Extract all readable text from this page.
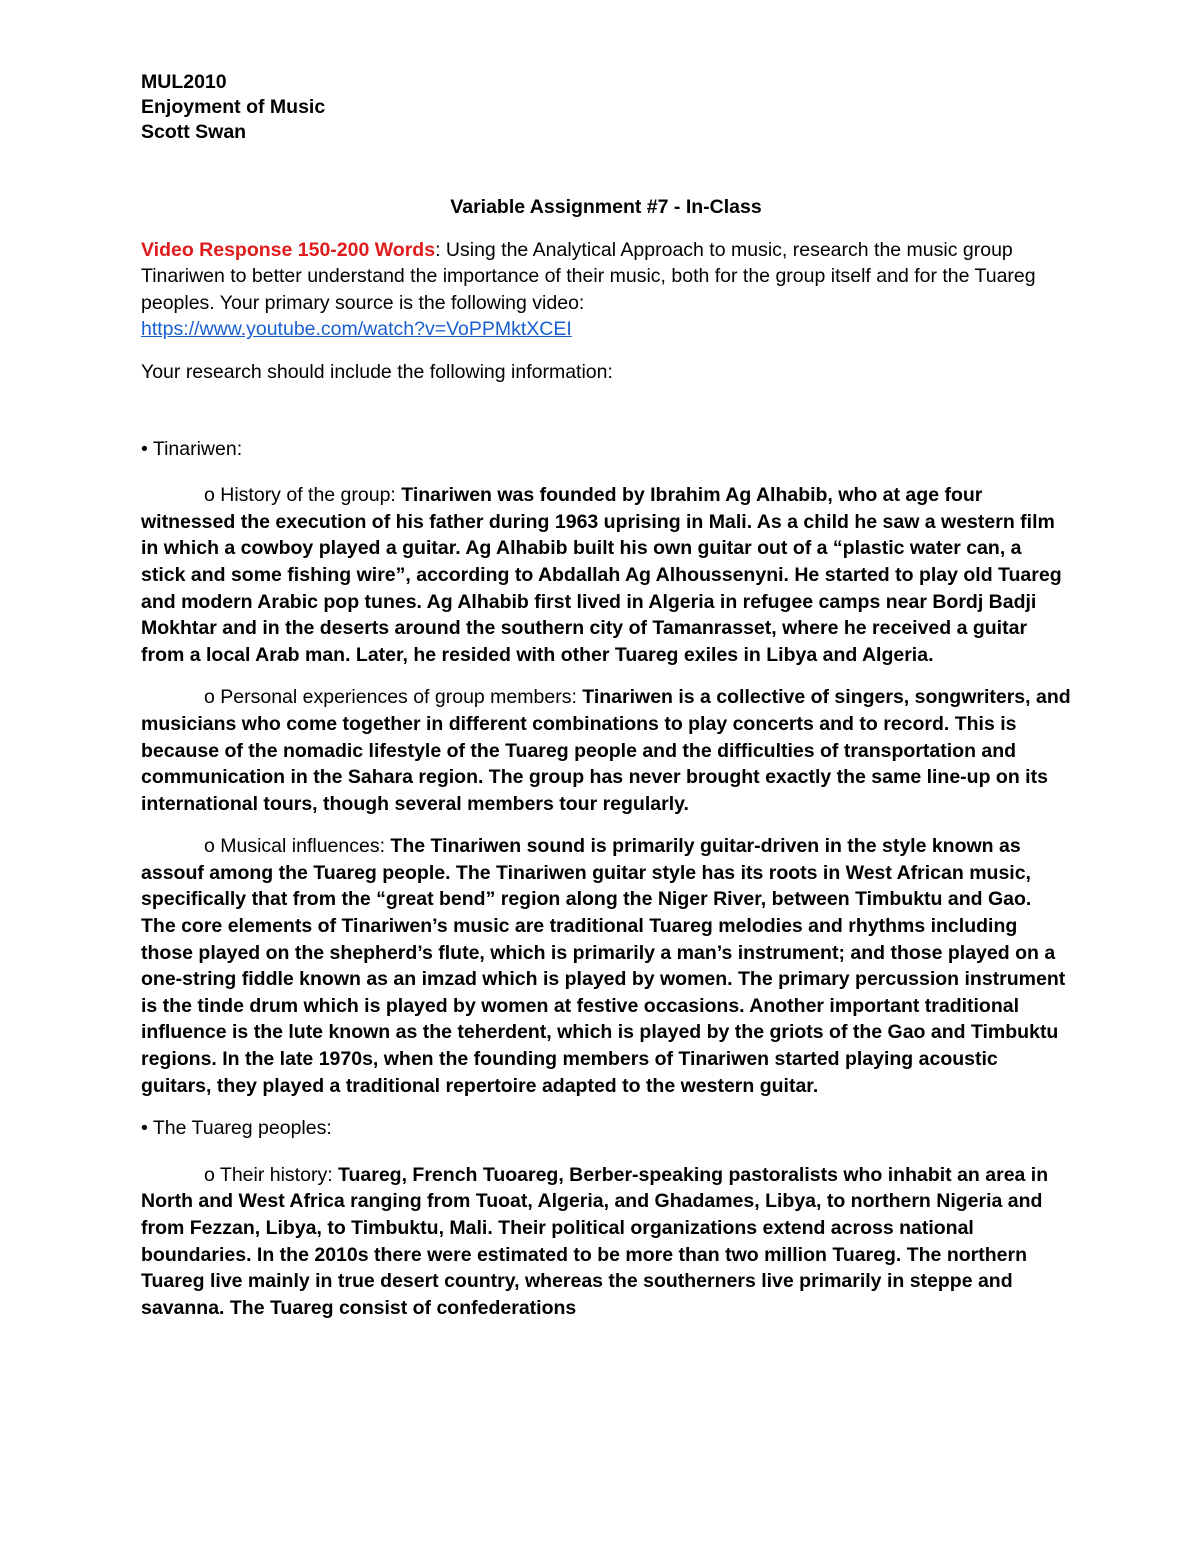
MUL2010
Enjoyment of Music
Scott Swan
Variable Assignment #7 - In-Class

Video Response 150-200 Words: Using the Analytical Approach to music, research the music group Tinariwen to better understand the importance of their music, both for the group itself and for the Tuareg peoples. Your primary source is the following video:
https://www.youtube.com/watch?v=VoPPMktXCEI

Your research should include the following information:

• Tinariwen:

o History of the group: Tinariwen was founded by Ibrahim Ag Alhabib, who at age four witnessed the execution of his father during 1963 uprising in Mali. As a child he saw a western film in which a cowboy played a guitar. Ag Alhabib built his own guitar out of a “plastic water can, a stick and some fishing wire”, according to Abdallah Ag Alhoussenyni. He started to play old Tuareg and modern Arabic pop tunes. Ag Alhabib first lived in Algeria in refugee camps near Bordj Badji Mokhtar and in the deserts around the southern city of Tamanrasset, where he received a guitar from a local Arab man. Later, he resided with other Tuareg exiles in Libya and Algeria.

o Personal experiences of group members: Tinariwen is a collective of singers, songwriters, and musicians who come together in different combinations to play concerts and to record. This is because of the nomadic lifestyle of the Tuareg people and the difficulties of transportation and communication in the Sahara region. The group has never brought exactly the same line-up on its international tours, though several members tour regularly.

o Musical influences: The Tinariwen sound is primarily guitar-driven in the style known as assouf among the Tuareg people. The Tinariwen guitar style has its roots in West African music, specifically that from the “great bend” region along the Niger River, between Timbuktu and Gao. The core elements of Tinariwen’s music are traditional Tuareg melodies and rhythms including those played on the shepherd’s flute, which is primarily a man’s instrument; and those played on a one-string fiddle known as an imzad which is played by women. The primary percussion instrument is the tinde drum which is played by women at festive occasions. Another important traditional influence is the lute known as the teherdent, which is played by the griots of the Gao and Timbuktu regions. In the late 1970s, when the founding members of Tinariwen started playing acoustic guitars, they played a traditional repertoire adapted to the western guitar.

• The Tuareg peoples:

o Their history: Tuareg, French Tuoareg, Berber-speaking pastoralists who inhabit an area in North and West Africa ranging from Tuoat, Algeria, and Ghadames, Libya, to northern Nigeria and from Fezzan, Libya, to Timbuktu, Mali. Their political organizations extend across national boundaries. In the 2010s there were estimated to be more than two million Tuareg. The northern Tuareg live mainly in true desert country, whereas the southerners live primarily in steppe and savanna. The Tuareg consist of confederations
